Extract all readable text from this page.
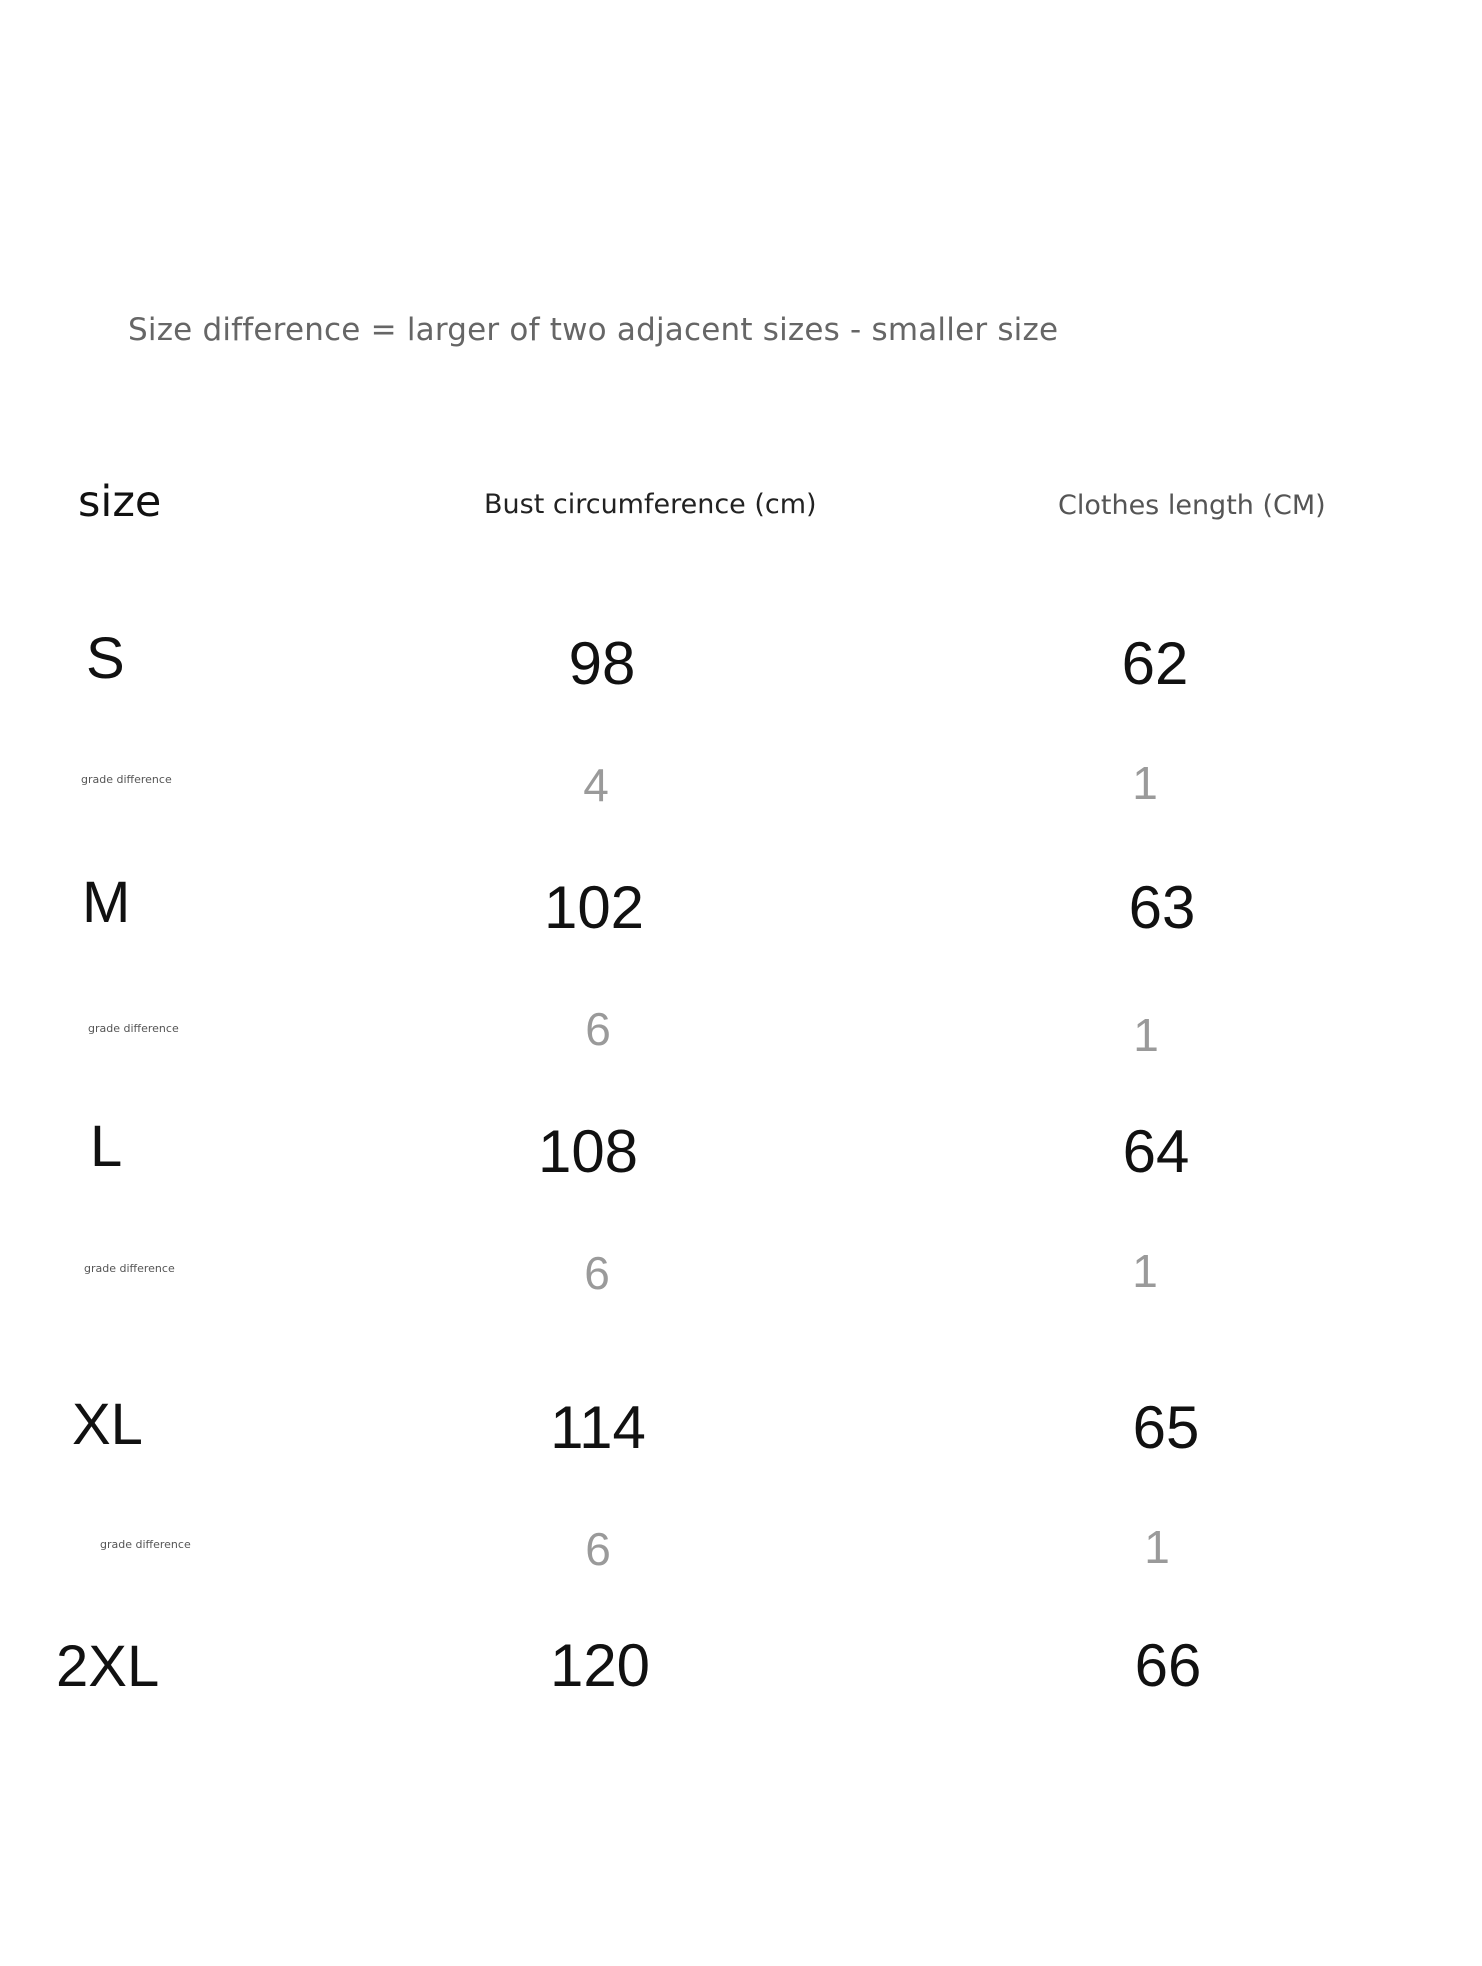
Size difference = larger of two adjacent sizes - smaller size
size	Bust circumference (cm)	Clothes length (CM)
S	98	62
grade difference	4	1
M	102	63
grade difference	6	1
L	108	64
grade difference	6	1
XL	114	65
grade difference	6	1
2XL	120	66
